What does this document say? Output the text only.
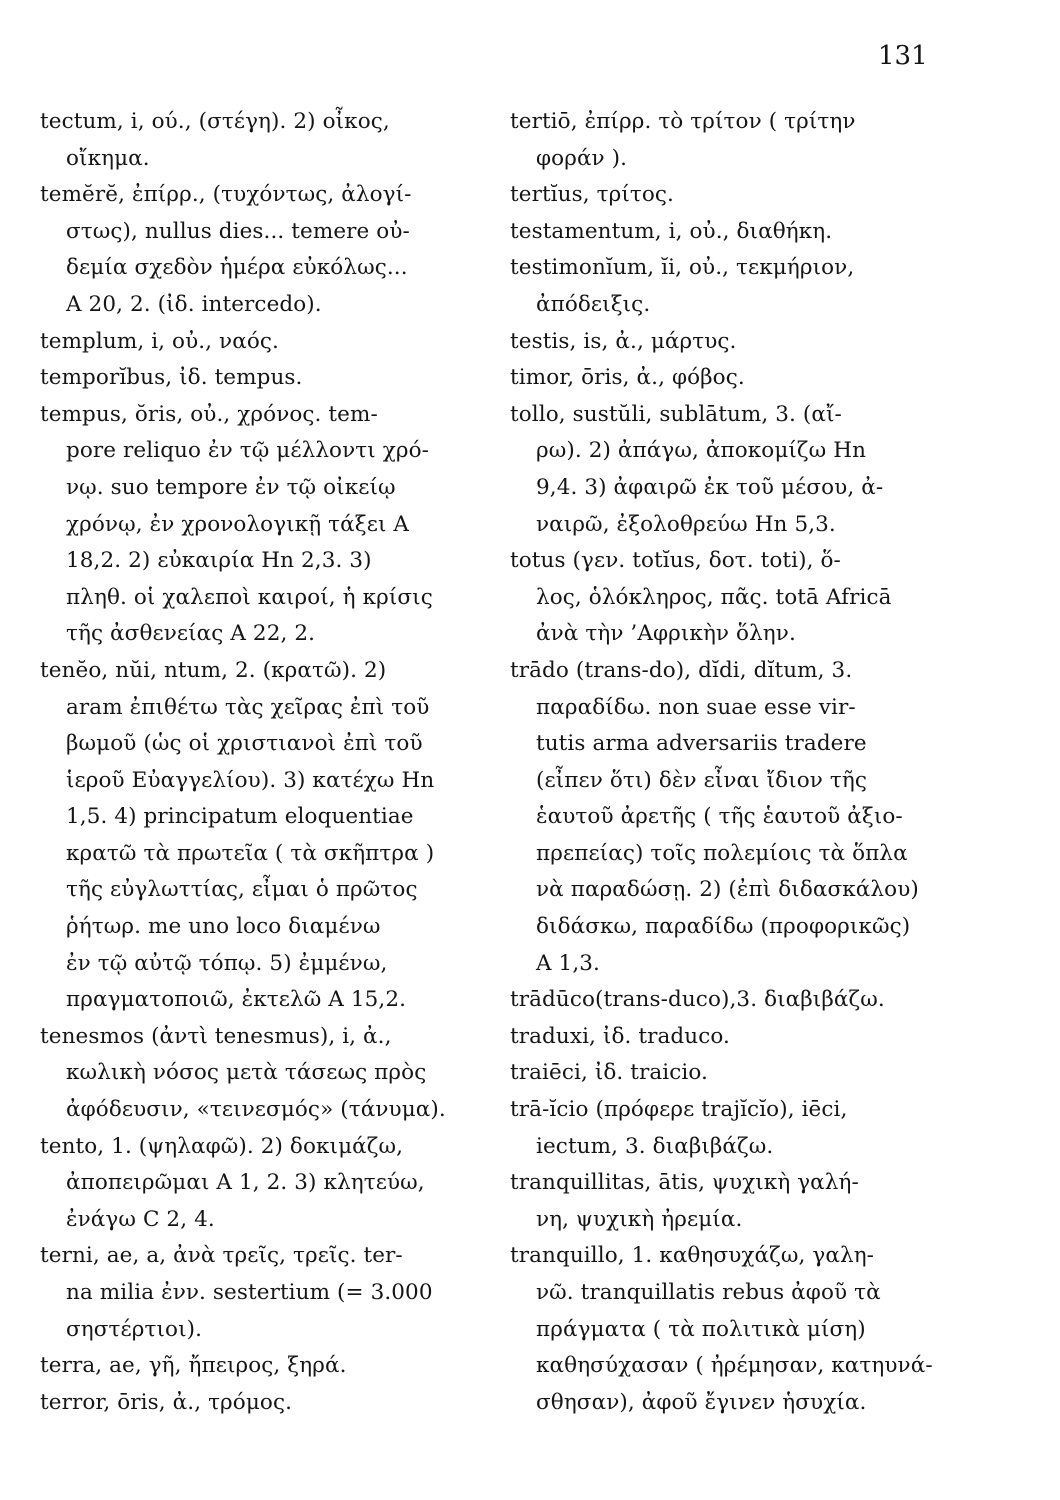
131
tectum, i, ού., (στέγη). 2) οἶκος,
οἴκημα.
temĕrĕ, ἐπίρρ., (τυχόντως, ἀλογί-
στως), nullus dies... temere οὐ-
δεμία σχεδὸν ἡμέρα εὐκόλως...
A 20, 2. (ἰδ. intercedo).
templum, i, οὐ., ναός.
temporĭbus, ἰδ. tempus.
tempus, ŏris, οὐ., χρόνος. tem-
pore reliquo ἐν τῷ μέλλοντι χρό-
νῳ. suo tempore ἐν τῷ οἰκείῳ
χρόνῳ, ἐν χρονολογικῇ τάξει A
18,2. 2) εὐκαιρία Hn 2,3. 3)
πληθ. οἱ χαλεποὶ καιροί, ἡ κρίσις
τῆς ἀσθενείας A 22, 2.
tenĕo, nŭi, ntum, 2. (κρατῶ). 2)
aram ἐπιθέτω τὰς χεῖρας ἐπὶ τοῦ
βωμοῦ (ὡς οἱ χριστιανοὶ ἐπὶ τοῦ
ἱεροῦ Εὐαγγελίου). 3) κατέχω Hn
1,5. 4) principatum eloquentiae
κρατῶ τὰ πρωτεῖα ( τὰ σκῆπτρα )
τῆς εὐγλωττίας, εἶμαι ὁ πρῶτος
ῥήτωρ. me uno loco διαμένω
ἐν τῷ αὐτῷ τόπῳ. 5) ἐμμένω,
πραγματοποιῶ, ἐκτελῶ A 15,2.
tenesmos (ἀντὶ tenesmus), i, ἀ.,
κωλικὴ νόσος μετὰ τάσεως πρὸς
ἀφόδευσιν, «τεινεσμός» (τάνυμα).
tento, 1. (ψηλαφῶ). 2) δοκιμάζω,
ἀποπειρῶμαι A 1, 2. 3) κλητεύω,
ἐνάγω C 2, 4.
terni, ae, a, ἀνὰ τρεῖς, τρεῖς. ter-
na milia ἐνν. sestertium (= 3.000
σηστέρτιοι).
terra, ae, γῆ, ἤπειρος, ξηρά.
terror, ōris, ἀ., τρόμος.
tertiō, ἐπίρρ. τὸ τρίτον ( τρίτην
φοράν ).
tertĭus, τρίτος.
testamentum, i, οὐ., διαθήκη.
testimonĭum, ĭi, οὐ., τεκμήριον,
ἀπόδειξις.
testis, is, ἀ., μάρτυς.
timor, ōris, ἀ., φόβος.
tollo, sustŭli, sublātum, 3. (αἴ-
ρω). 2) ἀπάγω, ἀποκομίζω Hn
9,4. 3) ἀφαιρῶ ἐκ τοῦ μέσου, ἀ-
ναιρῶ, ἐξολοθρεύω Hn 5,3.
totus (γεν. totĭus, δοτ. toti), ὅ-
λος, ὁλόκληρος, πᾶς. totā Africā
ἀνὰ τὴν ’Αφρικὴν ὅλην.
trādo (trans-do), dĭdi, dĭtum, 3.
παραδίδω. non suae esse vir-
tutis arma adversariis tradere
(εἶπεν ὅτι) δὲν εἶναι ἴδιον τῆς
ἑαυτοῦ ἀρετῆς ( τῆς ἑαυτοῦ ἀξιο-
πρεπείας) τοῖς πολεμίοις τὰ ὅπλα
νὰ παραδώσῃ. 2) (ἐπὶ διδασκάλου)
διδάσκω, παραδίδω (προφορικῶς)
A 1,3.
trādūco(trans-duco),3. διαβιβάζω.
traduxi, ἰδ. traduco.
traiēci, ἰδ. traicio.
trā-ĭcio (πρόφερε trajĭcĭo), iēci,
iectum, 3. διαβιβάζω.
tranquillitas, ātis, ψυχικὴ γαλή-
νη, ψυχικὴ ἠρεμία.
tranquillo, 1. καθησυχάζω, γαλη-
νῶ. tranquillatis rebus ἀφοῦ τὰ
πράγματα ( τὰ πολιτικὰ μίση)
καθησύχασαν ( ἠρέμησαν, κατηυνά-
σθησαν), ἀφοῦ ἔγινεν ἡσυχία.
